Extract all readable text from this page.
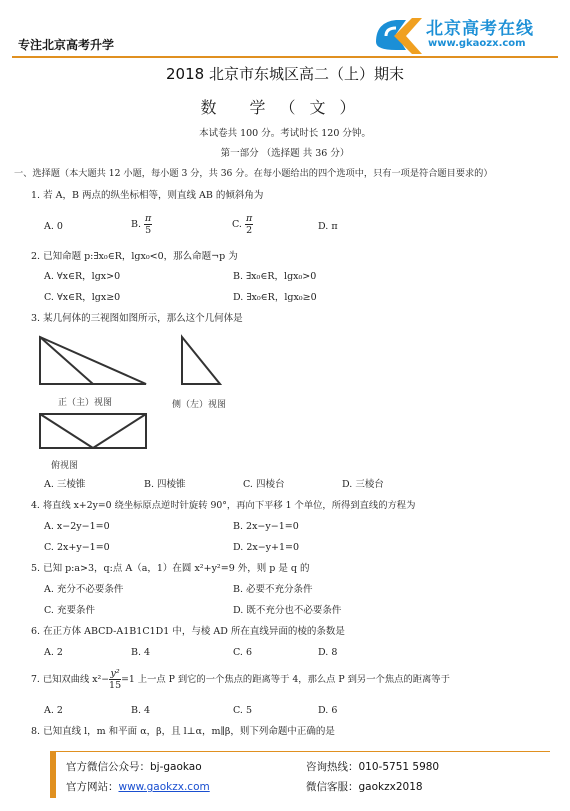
专注北京高考升学
北京高考在线
www.gkaozx.com
2018 北京市东城区高二（上）期末
数 学（文）
本试卷共 100 分。考试时长 120 分钟。
第一部分 （选择题 共 36 分）
一、选择题（本大题共 12 小题，每小题 3 分，共 36 分。在每小题给出的四个选项中，只有一项是符合题目要求的）
1. 若 A，B 两点的纵坐标相等，则直线 AB 的倾斜角为
A. 0	B. $\frac{\pi}{5}$	C. $\frac{\pi}{2}$	D. π
2. 已知命题 p:∃x₀∈R，lgx₀<0，那么命题¬p 为
A. ∀x∈R，lgx>0	B. ∃x₀∈R，lgx₀>0
C. ∀x∈R，lgx≥0	D. ∃x₀∈R，lgx₀≥0
3. 某几何体的三视图如图所示，那么这个几何体是
正（主）视图	侧（左）视图
俯视图
A. 三棱锥	B. 四棱锥	C. 四棱台	D. 三棱台
4. 将直线 x+2y=0 绕坐标原点逆时针旋转 90°，再向下平移 1 个单位，所得到直线的方程为
A. x−2y−1=0	B. 2x−y−1=0
C. 2x+y−1=0	D. 2x−y+1=0
5. 已知 p:a>3，q:点 A（a，1）在圆 x²+y²=9 外，则 p 是 q 的
A. 充分不必要条件	B. 必要不充分条件
C. 充要条件	D. 既不充分也不必要条件
6. 在正方体 ABCD-A1B1C1D1 中，与棱 AD 所在直线异面的棱的条数是
A. 2	B. 4	C. 6	D. 8
7. 已知双曲线 $x^2- \frac{\text{y²}}{15} =1$ 上一点 P 到它的一个焦点的距离等于 4，那么点 P 到另一个焦点的距离等于
A. 2	B. 4	C. 5	D. 6
8. 已知直线 l，m 和平面 α，β，且 l⊥α，m∥β，则下列命题中正确的是
官方微信公众号：bj-gaokao	咨询热线：010-5751 5980
官方网站：www.gaokzx.com	微信客服：gaokzx2018
